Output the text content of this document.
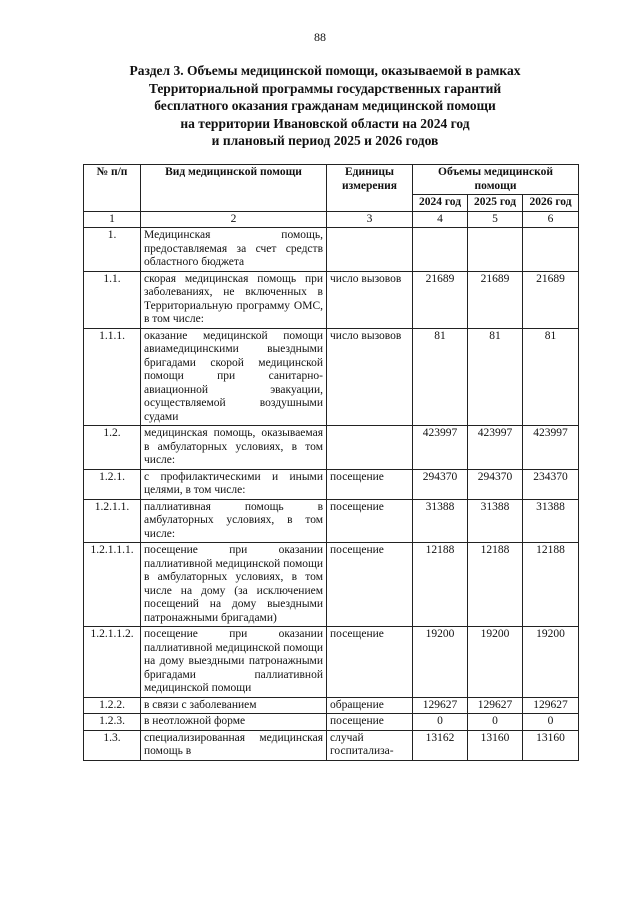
88
Раздел 3. Объемы медицинской помощи, оказываемой в рамках
Территориальной программы государственных гарантий
бесплатного оказания гражданам медицинской помощи
на территории Ивановской области на 2024 год
и плановый период 2025 и 2026 годов
№ п/п	Вид медицинской помощи	Единицы измерения	Объемы медицинской помощи		
			2024 год	2025 год	2026 год
1	2	3	4	5	6
1.	Медицинская помощь, предоставляемая за счет средств областного бюджета				
1.1.	скорая медицинская помощь при заболеваниях, не включенных в Территориальную программу ОМС, в том числе:	число вызовов	21689	21689	21689
1.1.1.	оказание медицинской помощи авиамедицинскими выездными бригадами скорой медицинской помощи при санитарно-авиационной эвакуации, осуществляемой воздушными судами	число вызовов	81	81	81
1.2.	медицинская помощь, оказываемая в амбулаторных условиях, в том числе:		423997	423997	423997
1.2.1.	с профилактическими и иными целями, в том числе:	посещение	294370	294370	234370
1.2.1.1.	паллиативная помощь в амбулаторных условиях, в том числе:	посещение	31388	31388	31388
1.2.1.1.1.	посещение при оказании паллиативной медицинской помощи в амбулаторных условиях, в том числе на дому (за исключением посещений на дому выездными патронажными бригадами)	посещение	12188	12188	12188
1.2.1.1.2.	посещение при оказании паллиативной медицинской помощи на дому выездными патронажными бригадами паллиативной медицинской помощи	посещение	19200	19200	19200
1.2.2.	в связи с заболеванием	обращение	129627	129627	129627
1.2.3.	в неотложной форме	посещение	0	0	0
1.3.	специализированная медицинская помощь в	случай госпитализа-	13162	13160	13160
